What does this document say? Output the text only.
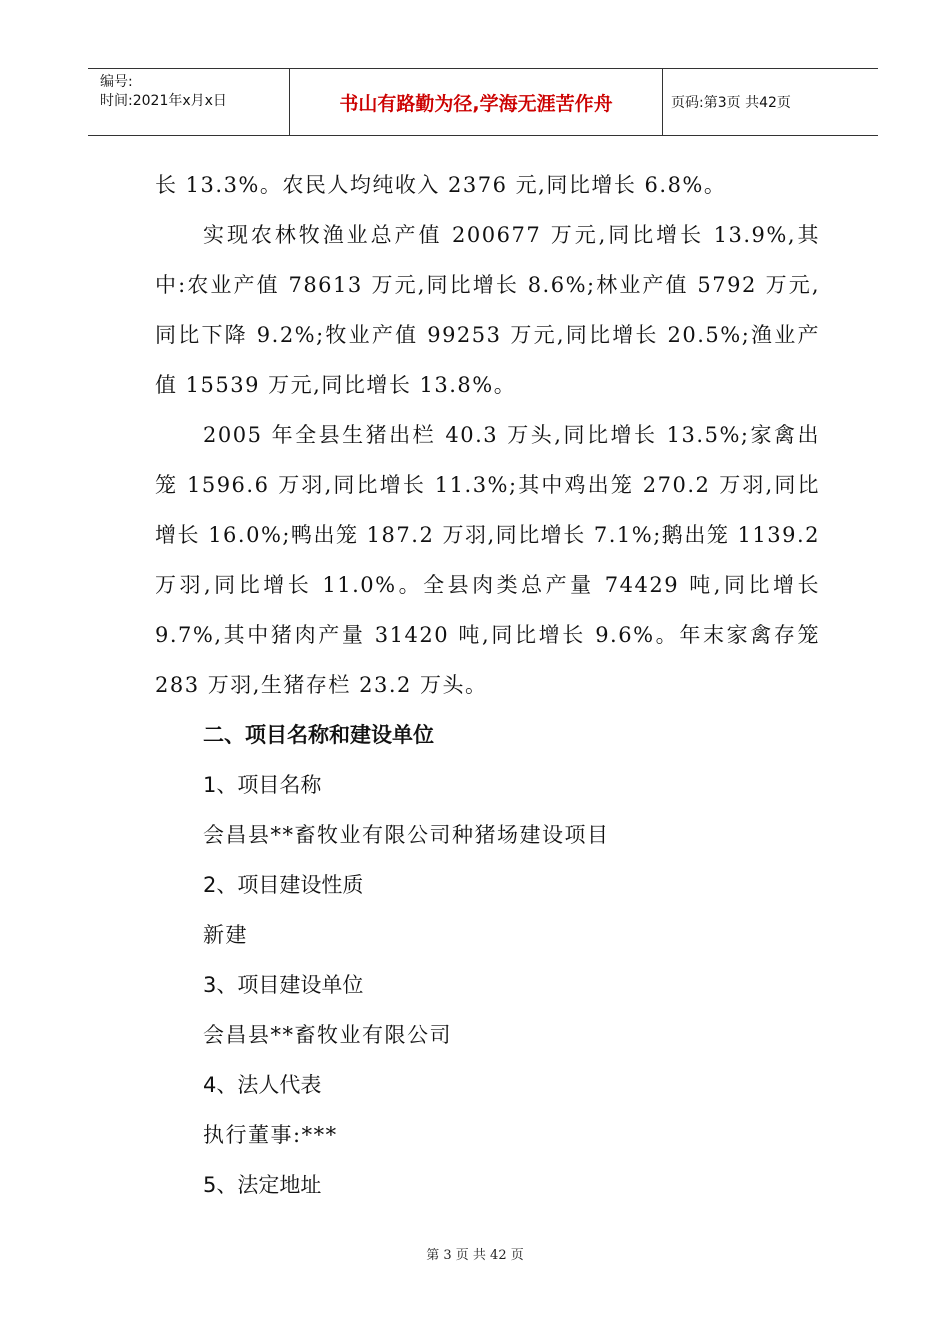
编号:
时间:2021年x月x日	书山有路勤为径,学海无涯苦作舟	页码:第3页 共42页

长 13.3%。农民人均纯收入 2376 元,同比增长 6.8%。

实现农林牧渔业总产值 200677 万元,同比增长 13.9%,其中:农业产值 78613 万元,同比增长 8.6%;林业产值 5792 万元,同比下降 9.2%;牧业产值 99253 万元,同比增长 20.5%;渔业产值 15539 万元,同比增长 13.8%。

2005 年全县生猪出栏 40.3 万头,同比增长 13.5%;家禽出笼 1596.6 万羽,同比增长 11.3%;其中鸡出笼 270.2 万羽,同比增长 16.0%;鸭出笼 187.2 万羽,同比增长 7.1%;鹅出笼 1139.2 万羽,同比增长 11.0%。全县肉类总产量 74429 吨,同比增长 9.7%,其中猪肉产量 31420 吨,同比增长 9.6%。年末家禽存笼 283 万羽,生猪存栏 23.2 万头。

二、项目名称和建设单位

1、项目名称

会昌县**畜牧业有限公司种猪场建设项目

2、项目建设性质

新建

3、项目建设单位

会昌县**畜牧业有限公司

4、法人代表

执行董事:***

5、法定地址

第 3 页 共 42 页
